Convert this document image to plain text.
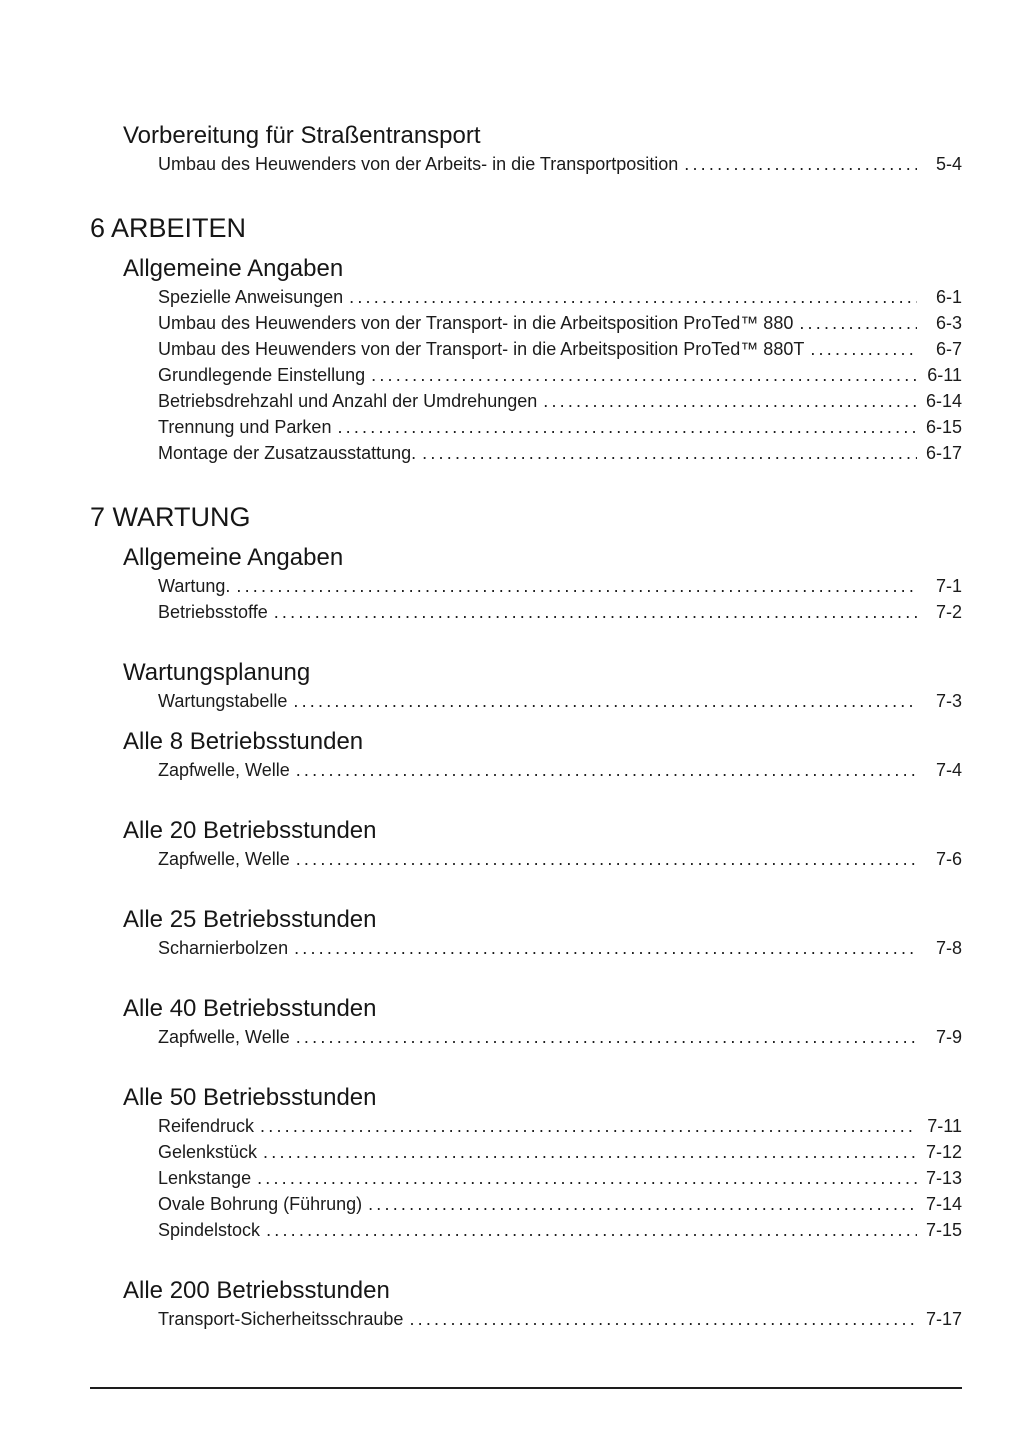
Vorbereitung für Straßentransport
Umbau des Heuwenders von der Arbeits- in die Transportposition .....	5-4
6 ARBEITEN
Allgemeine Angaben
Spezielle Anweisungen .....	6-1
Umbau des Heuwenders von der Transport- in die Arbeitsposition ProTed™ 880 .....	6-3
Umbau des Heuwenders von der Transport- in die Arbeitsposition ProTed™ 880T .....	6-7
Grundlegende Einstellung .....	6-11
Betriebsdrehzahl und Anzahl der Umdrehungen .....	6-14
Trennung und Parken .....	6-15
Montage der Zusatzausstattung. .....	6-17
7 WARTUNG
Allgemeine Angaben
Wartung. .....	7-1
Betriebsstoffe .....	7-2
Wartungsplanung
Wartungstabelle .....	7-3
Alle 8 Betriebsstunden
Zapfwelle, Welle .....	7-4
Alle 20 Betriebsstunden
Zapfwelle, Welle .....	7-6
Alle 25 Betriebsstunden
Scharnierbolzen .....	7-8
Alle 40 Betriebsstunden
Zapfwelle, Welle .....	7-9
Alle 50 Betriebsstunden
Reifendruck .....	7-11
Gelenkstück .....	7-12
Lenkstange .....	7-13
Ovale Bohrung (Führung) .....	7-14
Spindelstock .....	7-15
Alle 200 Betriebsstunden
Transport-Sicherheitsschraube .....	7-17
